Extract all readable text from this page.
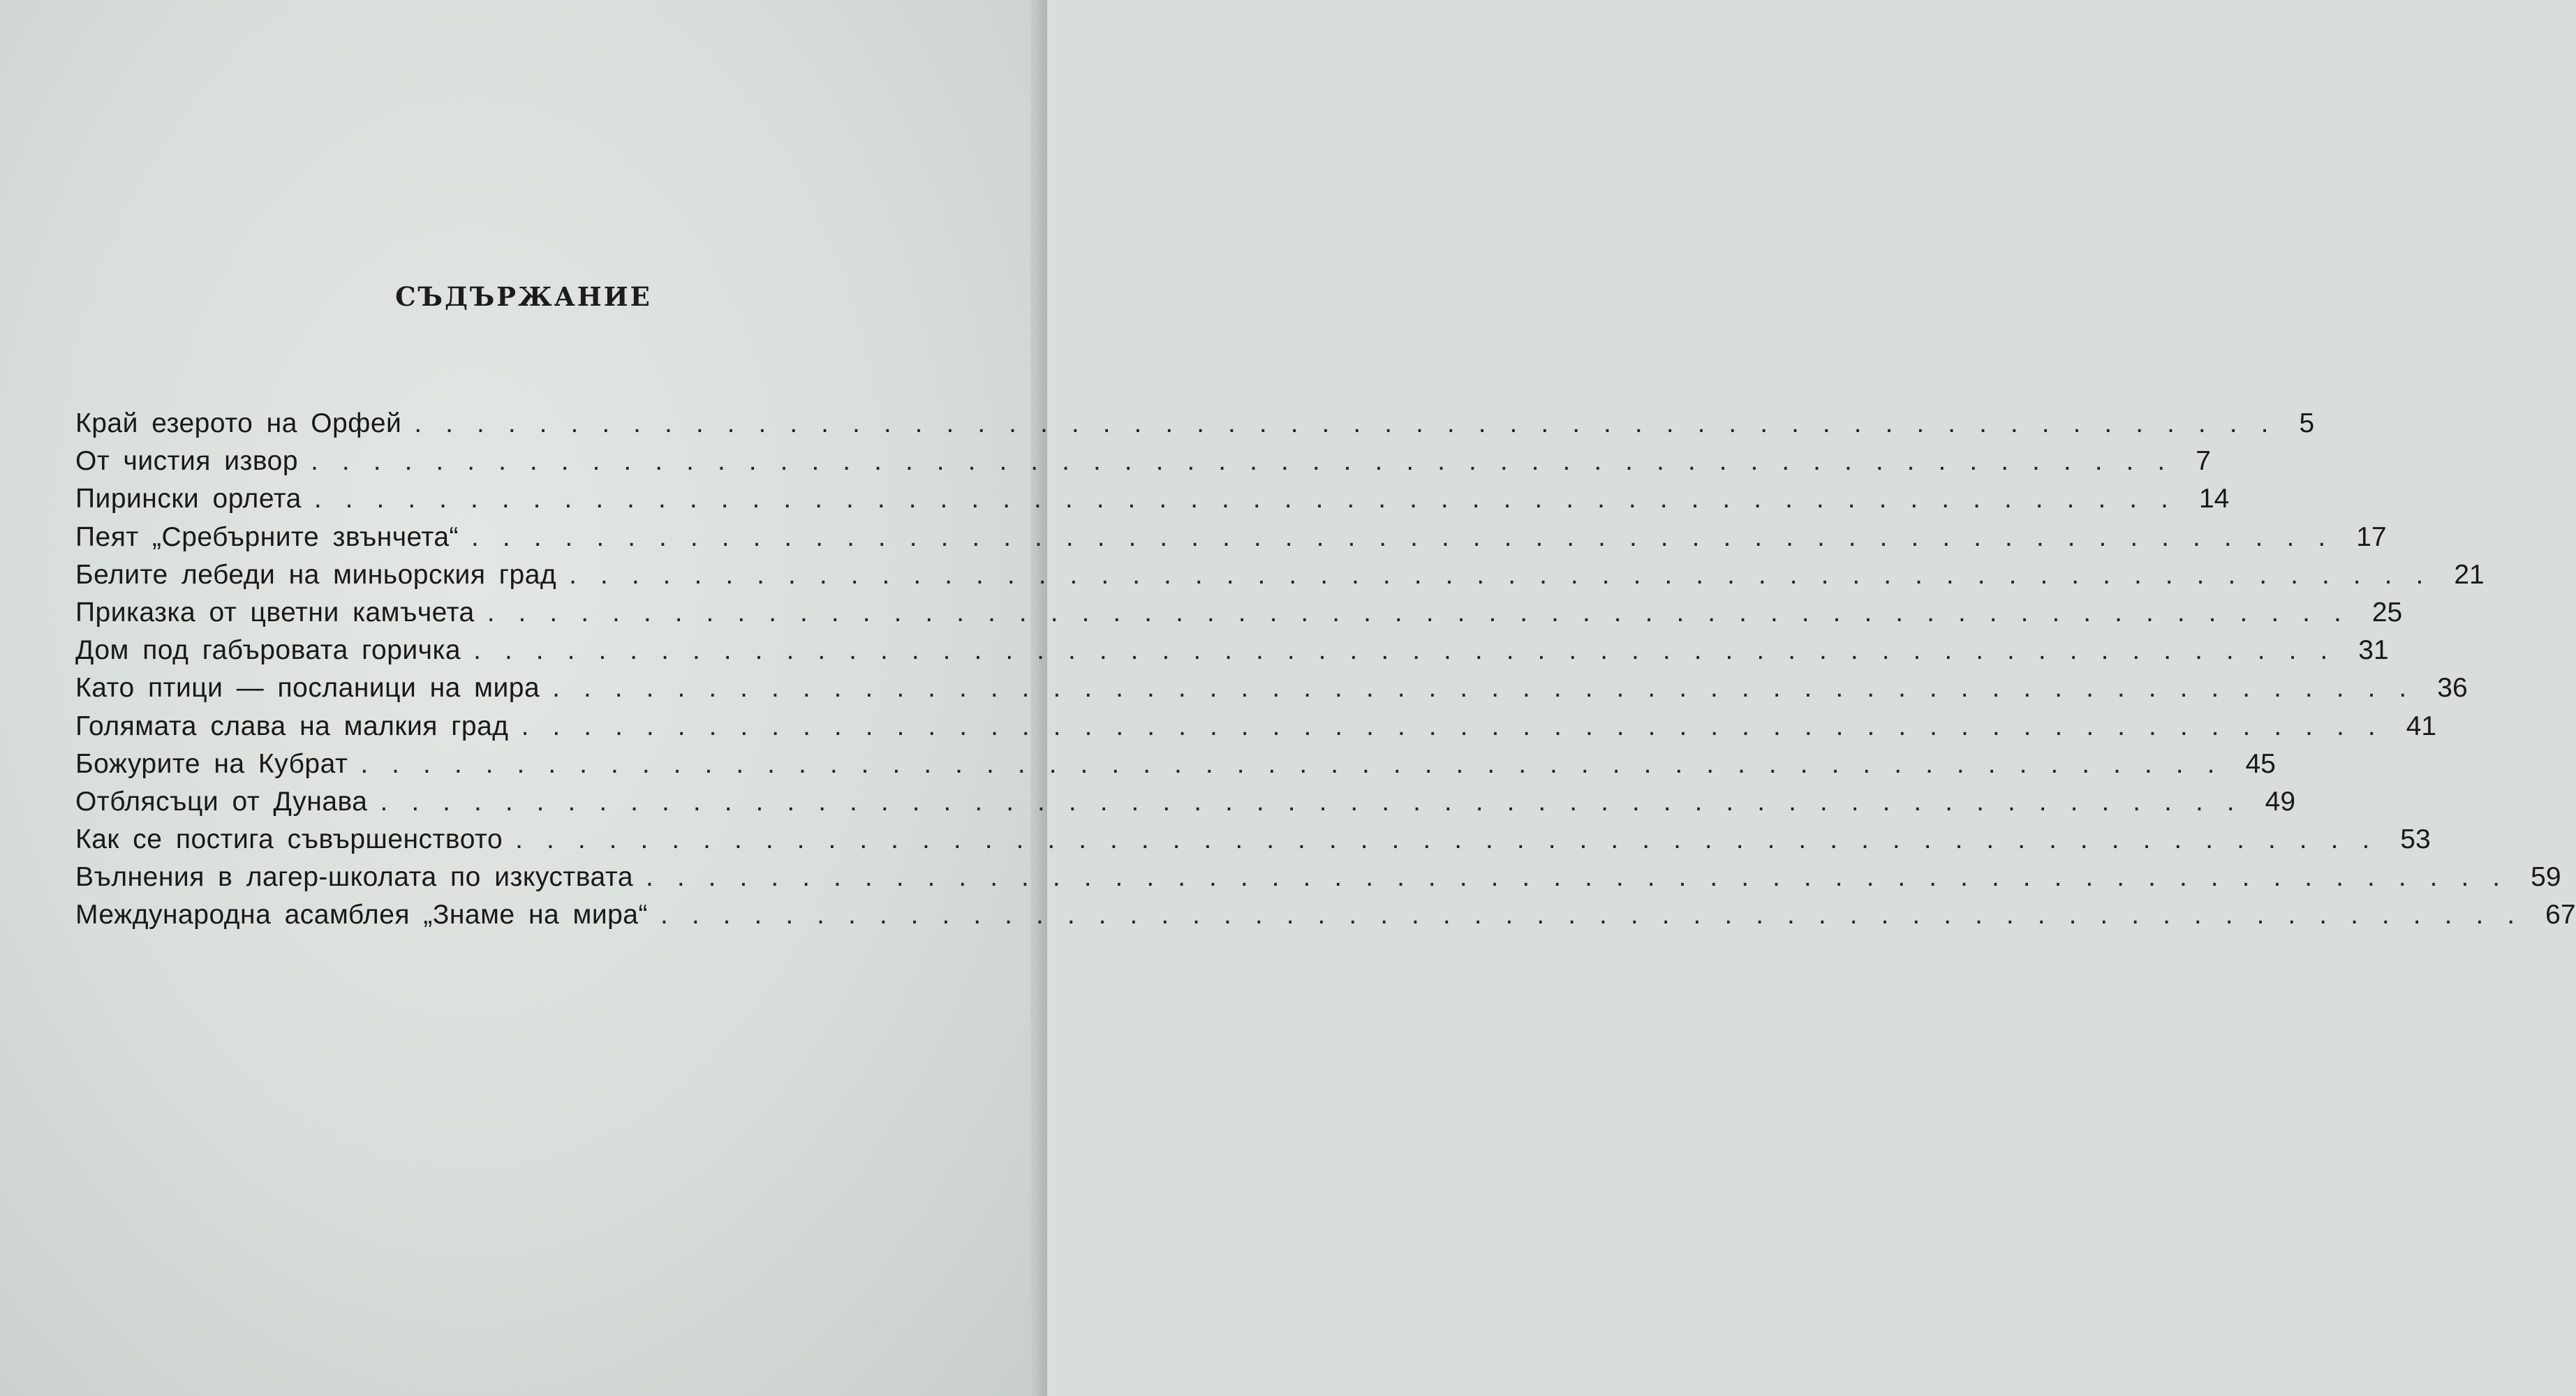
СЪДЪРЖАНИЕ
Край езерото на Орфей ............................................................ 5
От чистия извор ............................................................ 7
Пирински орлета ............................................................ 14
Пеят „Сребърните звънчета“ ............................................................ 17
Белите лебеди на миньорския град ............................................................ 21
Приказка от цветни камъчета ............................................................ 25
Дом под габъровата горичка ............................................................ 31
Като птици — посланици на мира ............................................................ 36
Голямата слава на малкия град ............................................................ 41
Божурите на Кубрат ............................................................ 45
Отблясъци от Дунава ............................................................ 49
Как се постига съвършенството ............................................................ 53
Вълнения в лагер-школата по изкуствата ............................................................ 59
Международна асамблея „Знаме на мира“ ............................................................ 67
